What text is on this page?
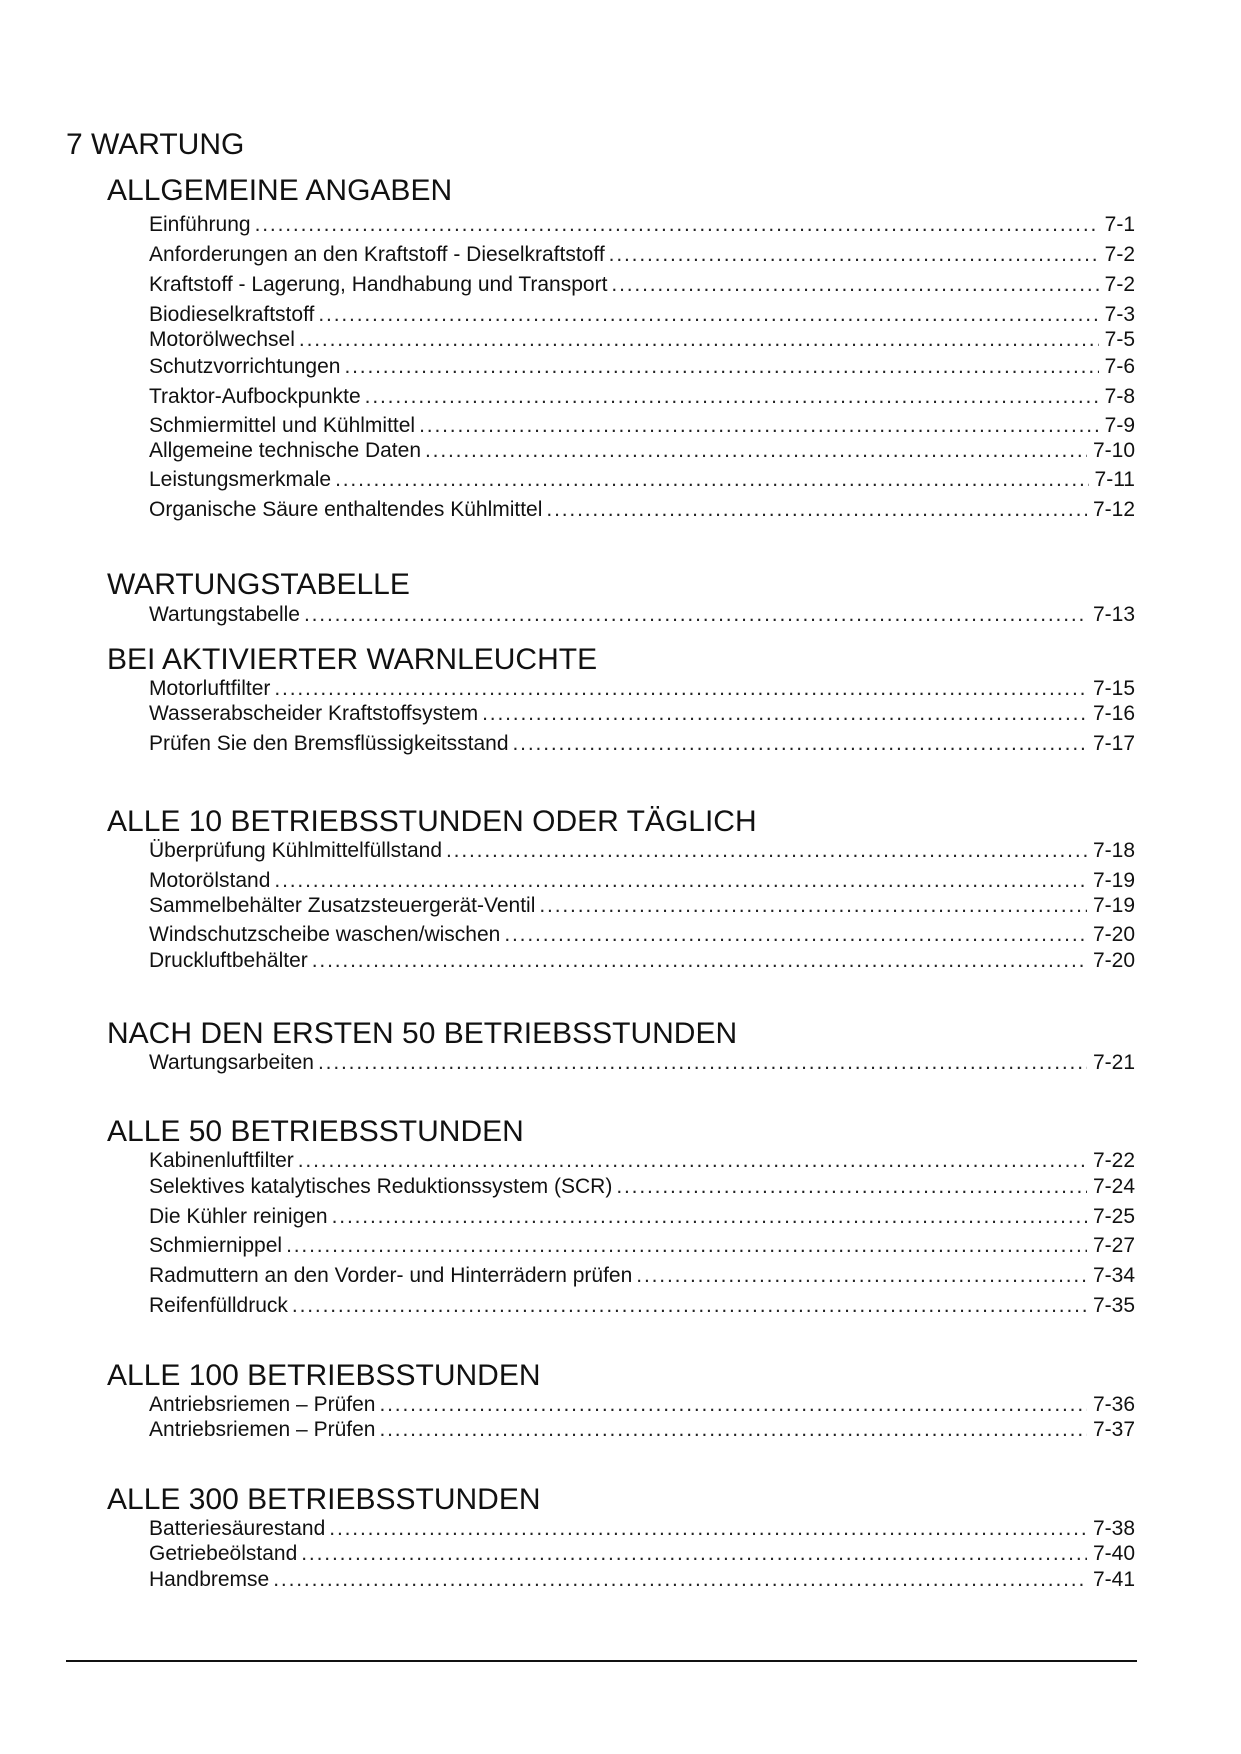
7 WARTUNG
ALLGEMEINE ANGABEN
Einführung . . .	7-1
Anforderungen an den Kraftstoff - Dieselkraftstoff . . .	7-2
Kraftstoff - Lagerung, Handhabung und Transport . . .	7-2
Biodieselkraftstoff . . .	7-3
Motorölwechsel . . .	7-5
Schutzvorrichtungen . . .	7-6
Traktor-Aufbockpunkte . . .	7-8
Schmiermittel und Kühlmittel . . .	7-9
Allgemeine technische Daten . . .	7-10
Leistungsmerkmale . . .	7-11
Organische Säure enthaltendes Kühlmittel . . .	7-12
WARTUNGSTABELLE
Wartungstabelle . . .	7-13
BEI AKTIVIERTER WARNLEUCHTE
Motorluftfilter . . .	7-15
Wasserabscheider Kraftstoffsystem . . .	7-16
Prüfen Sie den Bremsflüssigkeitsstand . . .	7-17
ALLE 10 BETRIEBSSTUNDEN ODER TÄGLICH
Überprüfung Kühlmittelfüllstand . . .	7-18
Motorölstand . . .	7-19
Sammelbehälter Zusatzsteuergerät-Ventil . . .	7-19
Windschutzscheibe waschen/wischen . . .	7-20
Druckluftbehälter . . .	7-20
NACH DEN ERSTEN 50 BETRIEBSSTUNDEN
Wartungsarbeiten . . .	7-21
ALLE 50 BETRIEBSSTUNDEN
Kabinenluftfilter . . .	7-22
Selektives katalytisches Reduktionssystem (SCR) . . .	7-24
Die Kühler reinigen . . .	7-25
Schmiernippel . . .	7-27
Radmuttern an den Vorder- und Hinterrädern prüfen . . .	7-34
Reifenfülldruck . . .	7-35
ALLE 100 BETRIEBSSTUNDEN
Antriebsriemen – Prüfen . . .	7-36
Antriebsriemen – Prüfen . . .	7-37
ALLE 300 BETRIEBSSTUNDEN
Batteriesäurestand . . .	7-38
Getriebeölstand . . .	7-40
Handbremse . . .	7-41
